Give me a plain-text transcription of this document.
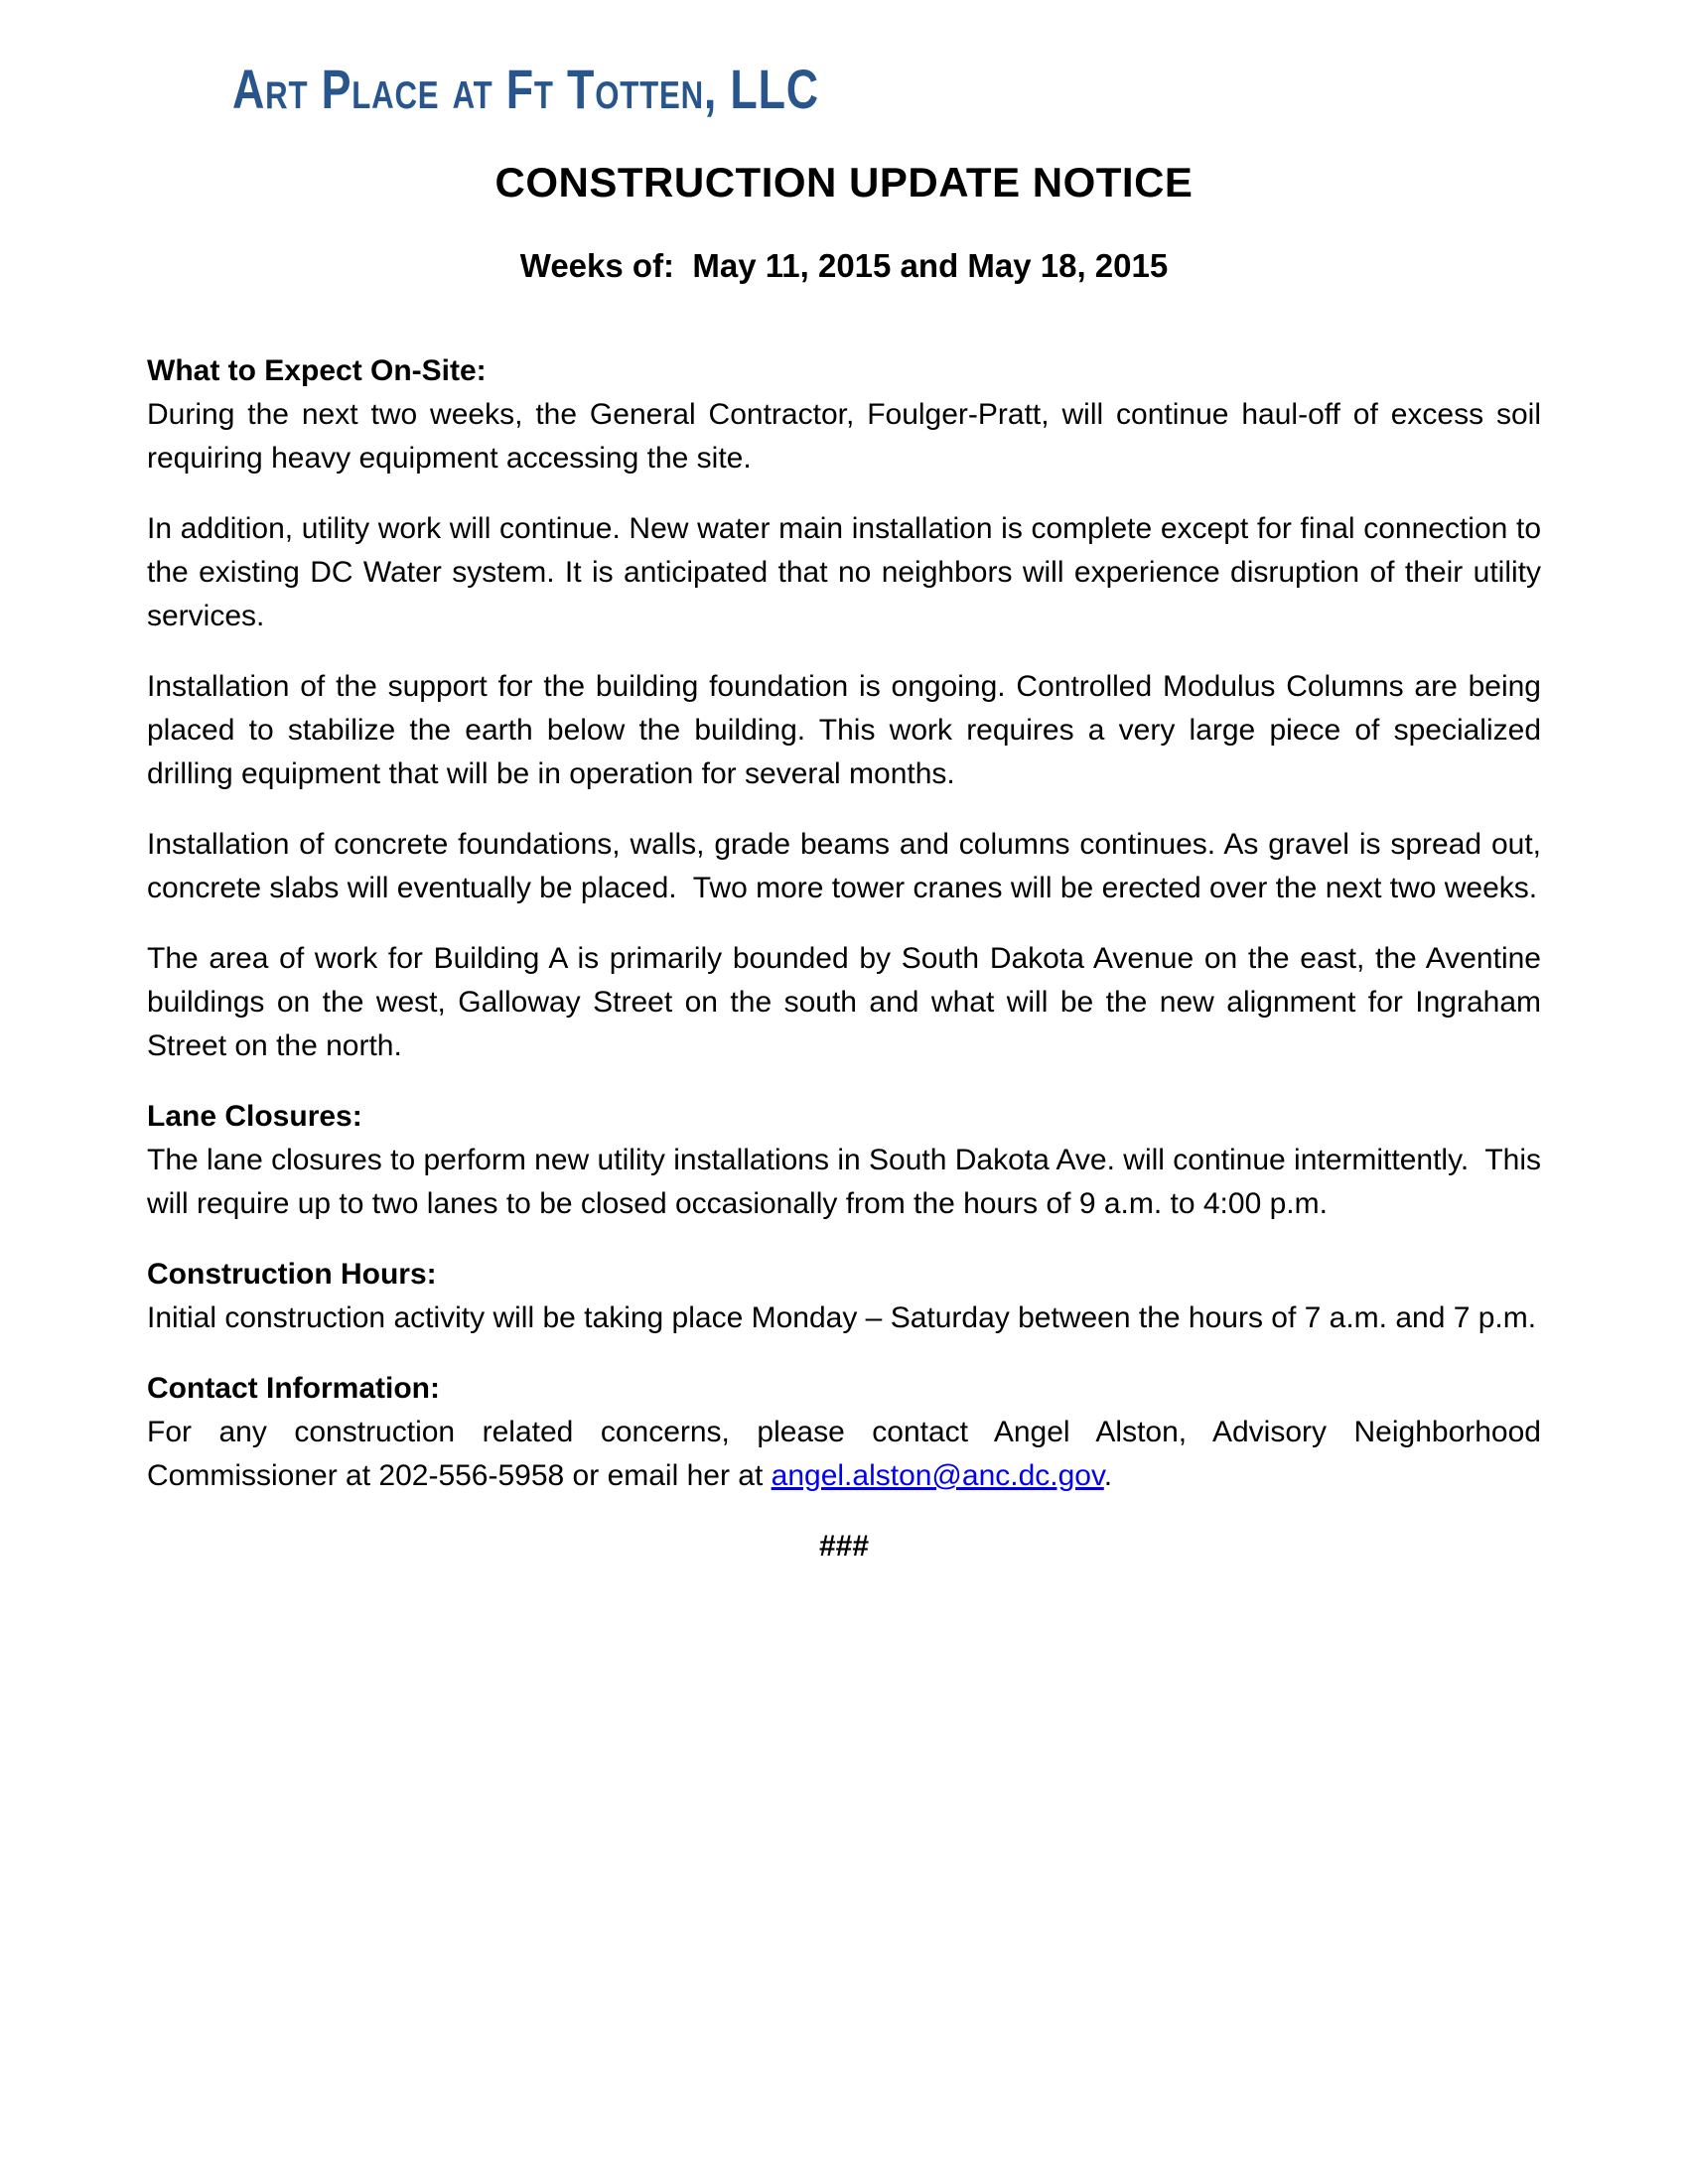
Art Place at Ft Totten, LLC
CONSTRUCTION UPDATE NOTICE
Weeks of:  May 11, 2015 and May 18, 2015
What to Expect On-Site:

During the next two weeks, the General Contractor, Foulger-Pratt, will continue haul-off of excess soil requiring heavy equipment accessing the site.

In addition, utility work will continue. New water main installation is complete except for final connection to the existing DC Water system. It is anticipated that no neighbors will experience disruption of their utility services.

Installation of the support for the building foundation is ongoing. Controlled Modulus Columns are being placed to stabilize the earth below the building. This work requires a very large piece of specialized drilling equipment that will be in operation for several months.

Installation of concrete foundations, walls, grade beams and columns continues. As gravel is spread out, concrete slabs will eventually be placed.  Two more tower cranes will be erected over the next two weeks.

The area of work for Building A is primarily bounded by South Dakota Avenue on the east, the Aventine buildings on the west, Galloway Street on the south and what will be the new alignment for Ingraham Street on the north.

Lane Closures:

The lane closures to perform new utility installations in South Dakota Ave. will continue intermittently.  This will require up to two lanes to be closed occasionally from the hours of 9 a.m. to 4:00 p.m.

Construction Hours:

Initial construction activity will be taking place Monday – Saturday between the hours of 7 a.m. and 7 p.m.

Contact Information:

For any construction related concerns, please contact Angel Alston, Advisory Neighborhood Commissioner at 202-556-5958 or email her at angel.alston@anc.dc.gov.

###
